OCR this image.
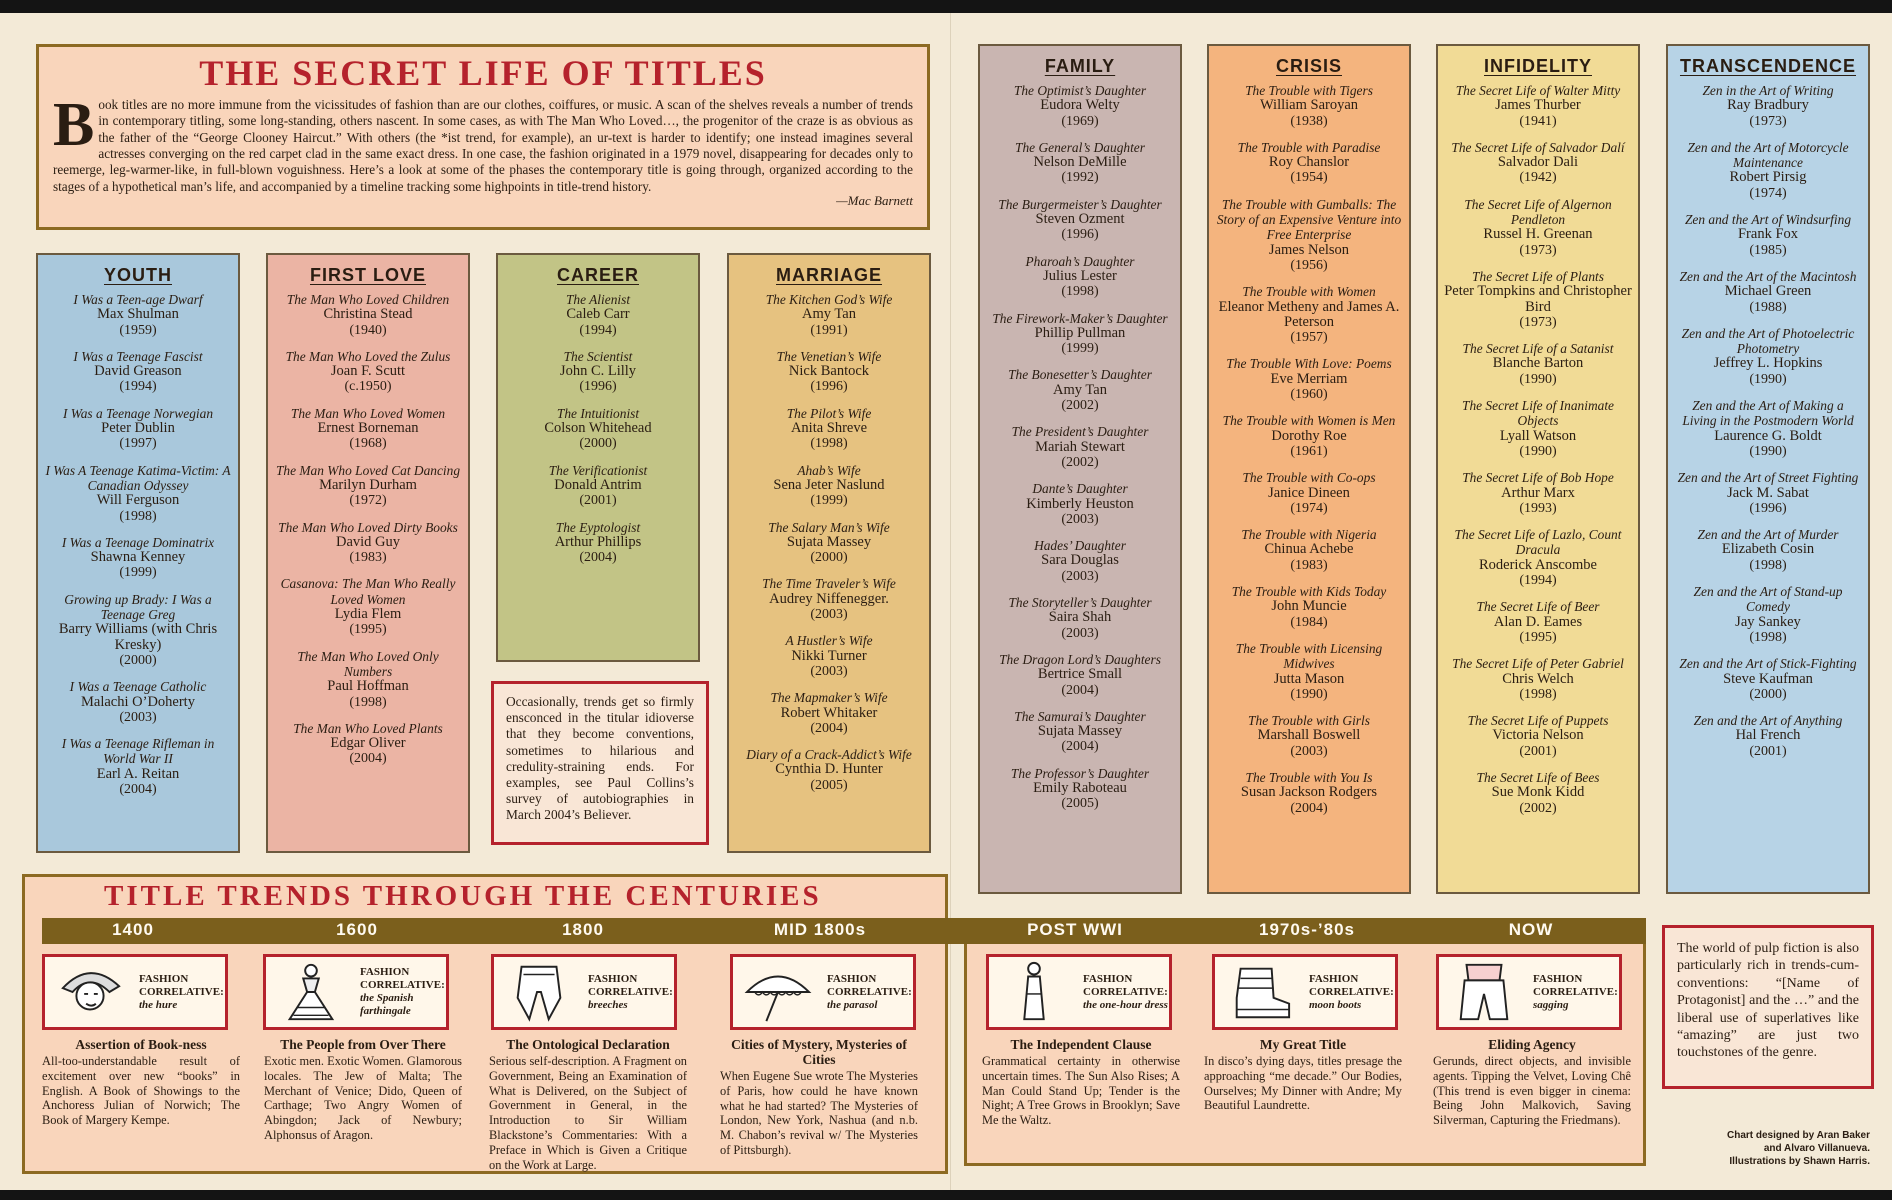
THE SECRET LIFE OF TITLES
Book titles are no more immune from the vicissitudes of fashion than are our clothes, coiffures, or music. A scan of the shelves reveals a number of trends in contemporary titling, some long-standing, others nascent. In some cases, as with The Man Who Loved…, the progenitor of the craze is as obvious as the father of the “George Clooney Haircut.” With others (the *ist trend, for example), an ur-text is harder to identify; one instead imagines several actresses converging on the red carpet clad in the same exact dress. In one case, the fashion originated in a 1979 novel, disappearing for decades only to reemerge, leg-warmer-like, in full-blown voguishness. Here’s a look at some of the phases the contemporary title is going through, organized according to the stages of a hypothetical man’s life, and accompanied by a timeline tracking some highpoints in title-trend history.
—Mac Barnett
YOUTH
I Was a Teen-age Dwarf
Max Shulman
(1959)
I Was a Teenage Fascist
David Greason
(1994)
I Was a Teenage Norwegian
Peter Dublin
(1997)
I Was A Teenage Katima-Victim: A Canadian Odyssey
Will Ferguson
(1998)
I Was a Teenage Dominatrix
Shawna Kenney
(1999)
Growing up Brady: I Was a Teenage Greg
Barry Williams (with Chris Kresky)
(2000)
I Was a Teenage Catholic
Malachi O’Doherty
(2003)
I Was a Teenage Rifleman in World War II
Earl A. Reitan
(2004)
FIRST LOVE
The Man Who Loved Children
Christina Stead
(1940)
The Man Who Loved the Zulus
Joan F. Scutt
(c.1950)
The Man Who Loved Women
Ernest Borneman
(1968)
The Man Who Loved Cat Dancing
Marilyn Durham
(1972)
The Man Who Loved Dirty Books
David Guy
(1983)
Casanova: The Man Who Really Loved Women
Lydia Flem
(1995)
The Man Who Loved Only Numbers
Paul Hoffman
(1998)
The Man Who Loved Plants
Edgar Oliver
(2004)
CAREER
The Alienist
Caleb Carr
(1994)
The Scientist
John C. Lilly
(1996)
The Intuitionist
Colson Whitehead
(2000)
The Verificationist
Donald Antrim
(2001)
The Eyptologist
Arthur Phillips
(2004)
MARRIAGE
The Kitchen God’s Wife
Amy Tan
(1991)
The Venetian’s Wife
Nick Bantock
(1996)
The Pilot’s Wife
Anita Shreve
(1998)
Ahab’s Wife
Sena Jeter Naslund
(1999)
The Salary Man’s Wife
Sujata Massey
(2000)
The Time Traveler’s Wife
Audrey Niffenegger.
(2003)
A Hustler’s Wife
Nikki Turner
(2003)
The Mapmaker’s Wife
Robert Whitaker
(2004)
Diary of a Crack-Addict’s Wife
Cynthia D. Hunter
(2005)
FAMILY
The Optimist’s Daughter
Eudora Welty
(1969)
The General’s Daughter
Nelson DeMille
(1992)
The Burgermeister’s Daughter
Steven Ozment
(1996)
Pharoah’s Daughter
Julius Lester
(1998)
The Firework-Maker’s Daughter
Phillip Pullman
(1999)
The Bonesetter’s Daughter
Amy Tan
(2002)
The President’s Daughter
Mariah Stewart
(2002)
Dante’s Daughter
Kimberly Heuston
(2003)
Hades’ Daughter
Sara Douglas
(2003)
The Storyteller’s Daughter
Saira Shah
(2003)
The Dragon Lord’s Daughters
Bertrice Small
(2004)
The Samurai’s Daughter
Sujata Massey
(2004)
The Professor’s Daughter
Emily Raboteau
(2005)
CRISIS
The Trouble with Tigers
William Saroyan
(1938)
The Trouble with Paradise
Roy Chanslor
(1954)
The Trouble with Gumballs: The Story of an Expensive Venture into Free Enterprise
James Nelson
(1956)
The Trouble with Women
Eleanor Metheny and James A. Peterson
(1957)
The Trouble With Love: Poems
Eve Merriam
(1960)
The Trouble with Women is Men
Dorothy Roe
(1961)
The Trouble with Co-ops
Janice Dineen
(1974)
The Trouble with Nigeria
Chinua Achebe
(1983)
The Trouble with Kids Today
John Muncie
(1984)
The Trouble with Licensing Midwives
Jutta Mason
(1990)
The Trouble with Girls
Marshall Boswell
(2003)
The Trouble with You Is
Susan Jackson Rodgers
(2004)
INFIDELITY
The Secret Life of Walter Mitty
James Thurber
(1941)
The Secret Life of Salvador Dalí
Salvador Dali
(1942)
The Secret Life of Algernon Pendleton
Russel H. Greenan
(1973)
The Secret Life of Plants
Peter Tompkins and Christopher Bird
(1973)
The Secret Life of a Satanist
Blanche Barton
(1990)
The Secret Life of Inanimate Objects
Lyall Watson
(1990)
The Secret Life of Bob Hope
Arthur Marx
(1993)
The Secret Life of Lazlo, Count Dracula
Roderick Anscombe
(1994)
The Secret Life of Beer
Alan D. Eames
(1995)
The Secret Life of Peter Gabriel
Chris Welch
(1998)
The Secret Life of Puppets
Victoria Nelson
(2001)
The Secret Life of Bees
Sue Monk Kidd
(2002)
TRANSCENDENCE
Zen in the Art of Writing
Ray Bradbury
(1973)
Zen and the Art of Motorcycle Maintenance
Robert Pirsig
(1974)
Zen and the Art of Windsurfing
Frank Fox
(1985)
Zen and the Art of the Macintosh
Michael Green
(1988)
Zen and the Art of Photoelectric Photometry
Jeffrey L. Hopkins
(1990)
Zen and the Art of Making a Living in the Postmodern World
Laurence G. Boldt
(1990)
Zen and the Art of Street Fighting
Jack M. Sabat
(1996)
Zen and the Art of Murder
Elizabeth Cosin
(1998)
Zen and the Art of Stand-up Comedy
Jay Sankey
(1998)
Zen and the Art of Stick-Fighting
Steve Kaufman
(2000)
Zen and the Art of Anything
Hal French
(2001)
Occasionally, trends get so firmly ensconced in the titular idioverse that they become conventions, sometimes to hilarious and credulity-straining ends. For examples, see Paul Collins’s survey of autobiographies in March 2004’s Believer.
TITLE TRENDS THROUGH THE CENTURIES
1400
FASHION CORRELATIVE:
the hure
Assertion of Book-ness
All-too-understandable result of excitement over new “books” in English. A Book of Showings to the Anchoress Julian of Norwich; The Book of Margery Kempe.
1600
FASHION CORRELATIVE:
the Spanish farthingale
The People from Over There
Exotic men. Exotic Women. Glamorous locales. The Jew of Malta; The Merchant of Venice; Dido, Queen of Carthage; Two Angry Women of Abingdon; Jack of Newbury; Alphonsus of Aragon.
1800
FASHION CORRELATIVE:
breeches
The Ontological Declaration
Serious self-description. A Fragment on Government, Being an Examination of What is Delivered, on the Subject of Government in General, in the Introduction to Sir William Blackstone’s Commentaries: With a Preface in Which is Given a Critique on the Work at Large.
MID 1800s
FASHION CORRELATIVE:
the parasol
Cities of Mystery, Mysteries of Cities
When Eugene Sue wrote The Mysteries of Paris, how could he have known what he had started? The Mysteries of London, New York, Nashua (and n.b. M. Chabon’s revival w/ The Mysteries of Pittsburgh).
POST WWI
FASHION CORRELATIVE:
the one-hour dress
The Independent Clause
Grammatical certainty in otherwise uncertain times. The Sun Also Rises; A Man Could Stand Up; Tender is the Night; A Tree Grows in Brooklyn; Save Me the Waltz.
1970s-’80s
FASHION CORRELATIVE:
moon boots
My Great Title
In disco’s dying days, titles presage the approaching “me decade.” Our Bodies, Ourselves; My Dinner with Andre; My Beautiful Laundrette.
NOW
FASHION CORRELATIVE:
sagging
Eliding Agency
Gerunds, direct objects, and invisible agents. Tipping the Velvet, Loving Chê (This trend is even bigger in cinema: Being John Malkovich, Saving Silverman, Capturing the Friedmans).
The world of pulp fiction is also particularly rich in trends-cum-conventions: “[Name of Protagonist] and the …” and the liberal use of superlatives like “amazing” are just two touchstones of the genre.
Chart designed by Aran Baker
and Alvaro Villanueva.
Illustrations by Shawn Harris.
